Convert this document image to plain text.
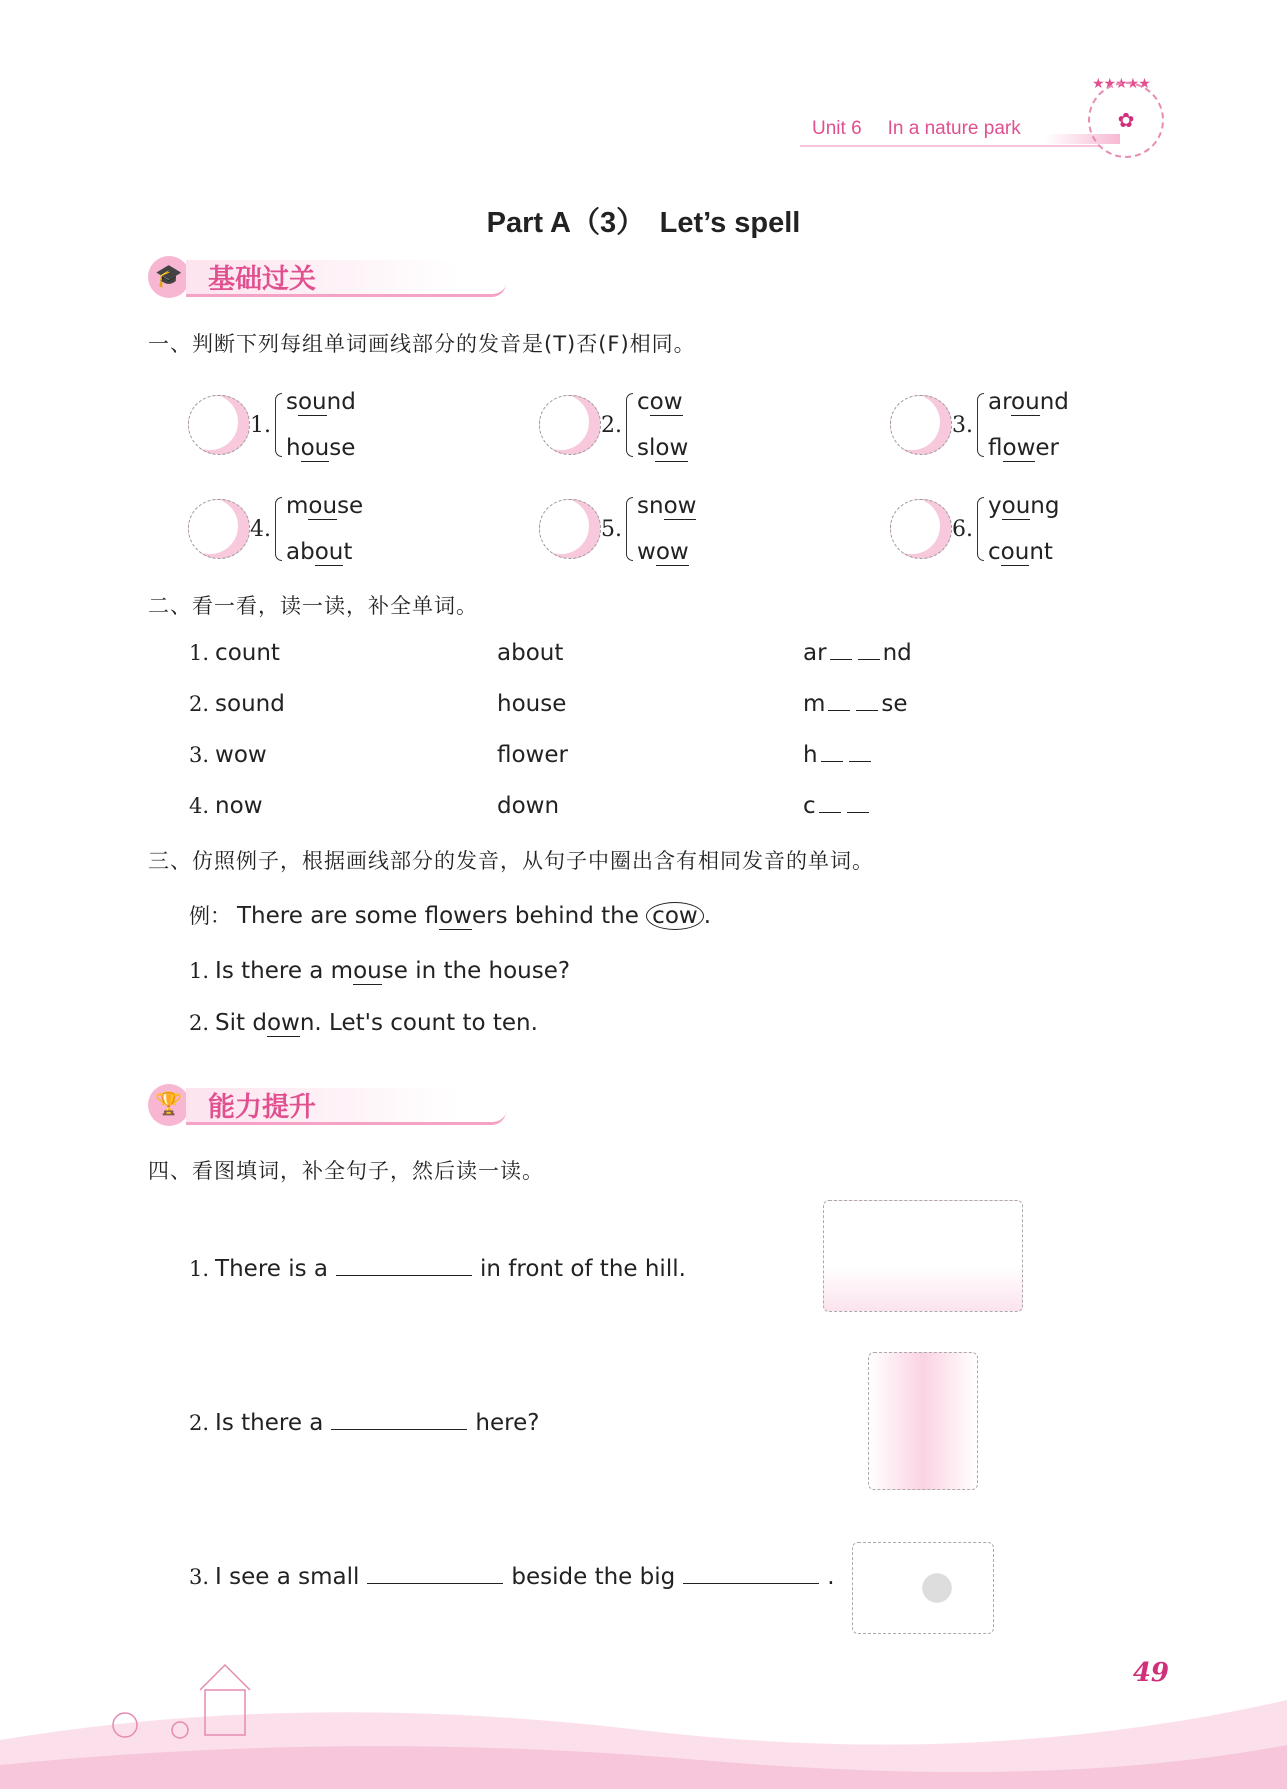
Unit 6 In a nature park
★★★★★
✿
Part A（3）　Let’s spell
🎓 基础过关
一、判断下列每组单词画线部分的发音是(T)否(F)相同。
1.
sound
house
2.
cow
slow
3.
around
flower
4.
mouse
about
5.
snow
wow
6.
young
count
二、看一看，读一读，补全单词。
1. count	about	ar nd
2. sound	house	m se
3. wow	flower	h
4. now	down	c
三、仿照例子，根据画线部分的发音，从句子中圈出含有相同发音的单词。
例： There are some flowers behind the cow .
1. Is there a mouse in the house?
2. Sit down. Let's count to ten.
🏆 能力提升
四、看图填词，补全句子，然后读一读。
1. There is a	in front of the hill.
2. Is there a	here?
3. I see a small	beside the big	.
49
